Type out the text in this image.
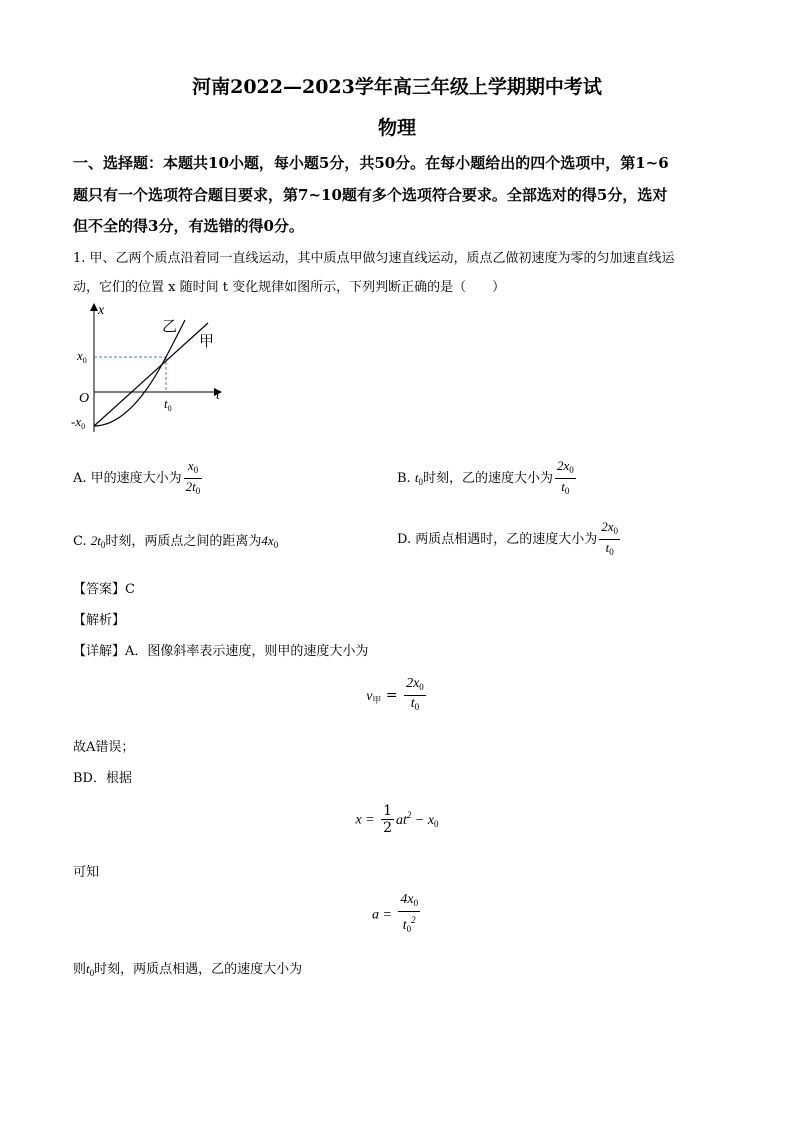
河南2022—2023学年高三年级上学期期中考试
物理
一、选择题：本题共10小题，每小题5分，共50分。在每小题给出的四个选项中，第1~6
题只有一个选项符合题目要求，第7~10题有多个选项符合要求。全部选对的得5分，选对
但不全的得3分，有选错的得0分。
1. 甲、乙两个质点沿着同一直线运动，其中质点甲做匀速直线运动，质点乙做初速度为零的匀加速直线运
动，它们的位置 x 随时间 t 变化规律如图所示，下列判断正确的是（　　）
x
t
O
$x_0$
$-x_0$
$t_0$
乙
甲
A. 甲的速度大小为 $\frac{x_0}{2t_0}$	B. $t_0$时刻，乙的速度大小为 $\frac{2x_0}{t_0}$
C. $2t_0$时刻，两质点之间的距离为$4x_0$	D. 两质点相遇时，乙的速度大小为 $\frac{2x_0}{t_0}$
【答案】C
【解析】
【详解】A．图像斜率表示速度，则甲的速度大小为
$v_甲 = \frac{2x_0}{t_0}$
故A错误；
BD．根据
$x = \frac{1}{2} at^2 - x_0$
可知
$a = \frac{4x_0}{t_0^2}$
则$t_0$时刻，两质点相遇，乙的速度大小为
